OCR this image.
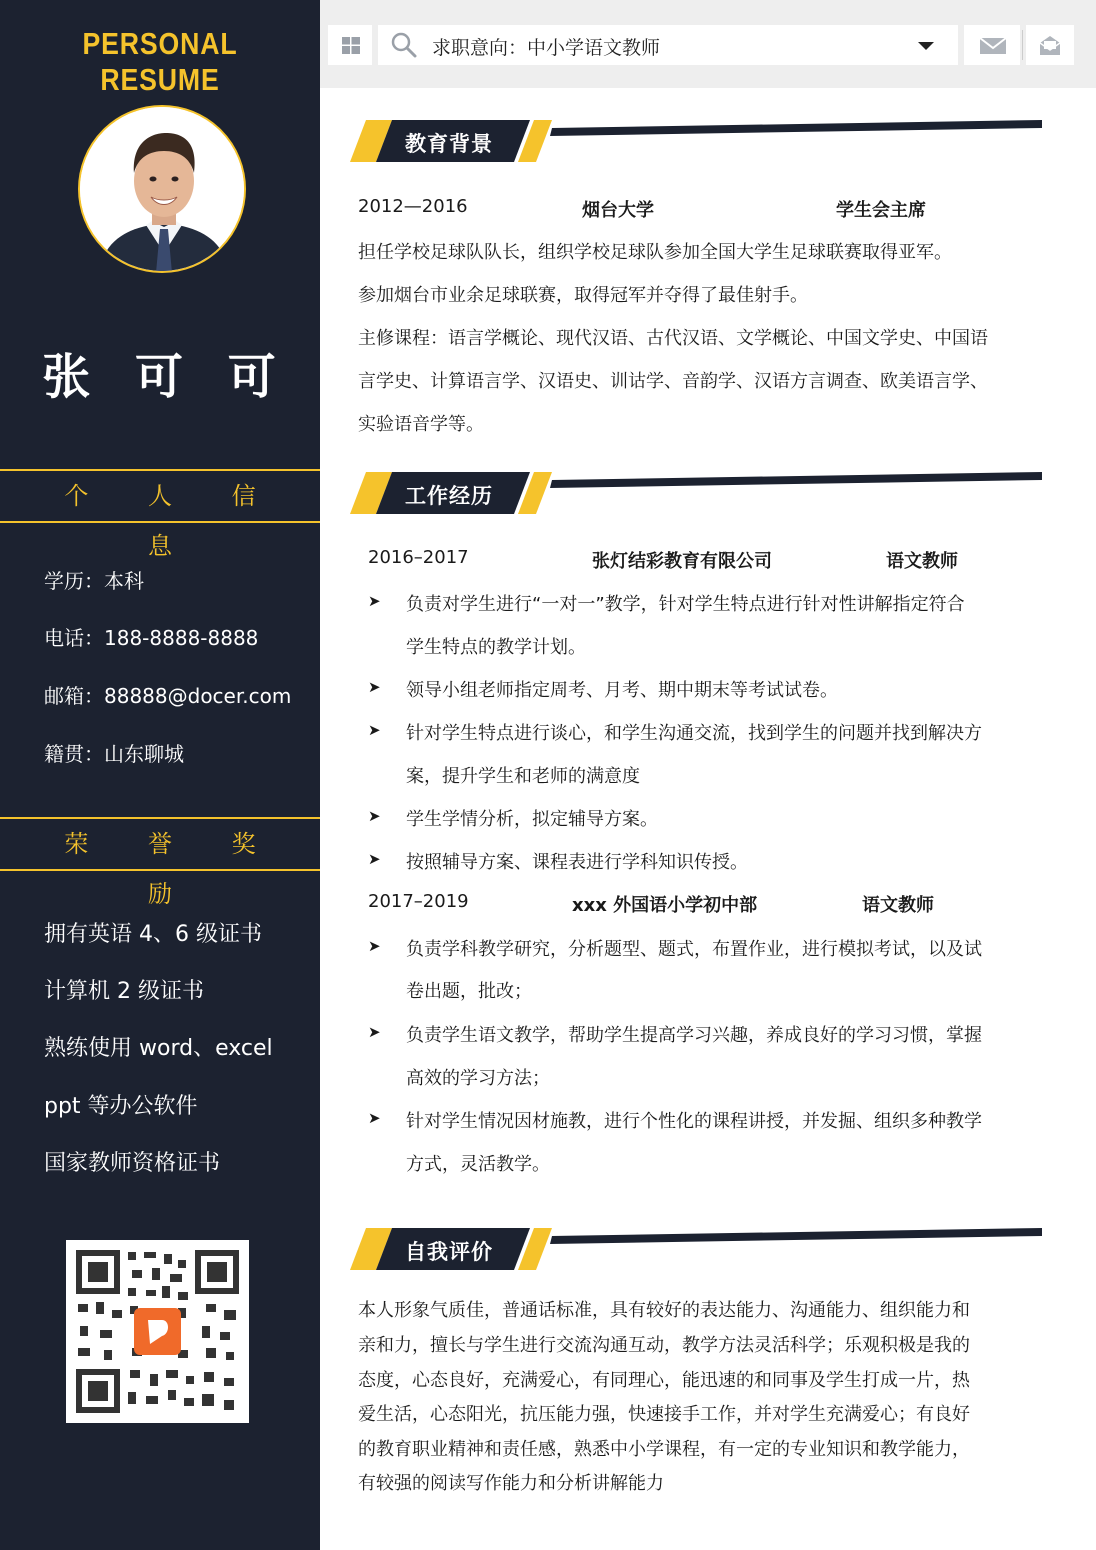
PERSONAL RESUME
张 可 可
个 人 信 息
学历：本科
电话：188-8888-8888
邮箱：88888@docer.com
籍贯：山东聊城
荣 誉 奖 励
拥有英语 4、6 级证书
计算机 2 级证书
熟练使用 word、excel
ppt 等办公软件
国家教师资格证书
求职意向：中小学语文教师
教育背景
2012—2016	烟台大学	学生会主席
担任学校足球队队长，组织学校足球队参加全国大学生足球联赛取得亚军。
参加烟台市业余足球联赛，取得冠军并夺得了最佳射手。
主修课程：语言学概论、现代汉语、古代汉语、文学概论、中国文学史、中国语
言学史、计算语言学、汉语史、训诂学、音韵学、汉语方言调查、欧美语言学、
实验语音学等。
工作经历
2016–2017	张灯结彩教育有限公司	语文教师
➤ 负责对学生进行“一对一”教学，针对学生特点进行针对性讲解指定符合
学生特点的教学计划。
➤ 领导小组老师指定周考、月考、期中期末等考试试卷。
➤ 针对学生特点进行谈心，和学生沟通交流，找到学生的问题并找到解决方
案，提升学生和老师的满意度
➤ 学生学情分析，拟定辅导方案。
➤ 按照辅导方案、课程表进行学科知识传授。
2017–2019	xxx 外国语小学初中部	语文教师
➤ 负责学科教学研究，分析题型、题式，布置作业，进行模拟考试，以及试
卷出题，批改；
➤ 负责学生语文教学，帮助学生提高学习兴趣，养成良好的学习习惯，掌握
高效的学习方法；
➤ 针对学生情况因材施教，进行个性化的课程讲授，并发掘、组织多种教学
方式，灵活教学。
自我评价
本人形象气质佳，普通话标准，具有较好的表达能力、沟通能力、组织能力和
亲和力，擅长与学生进行交流沟通互动，教学方法灵活科学；乐观积极是我的
态度，心态良好，充满爱心，有同理心，能迅速的和同事及学生打成一片，热
爱生活，心态阳光，抗压能力强，快速接手工作，并对学生充满爱心；有良好
的教育职业精神和责任感，熟悉中小学课程，有一定的专业知识和教学能力，
有较强的阅读写作能力和分析讲解能力
